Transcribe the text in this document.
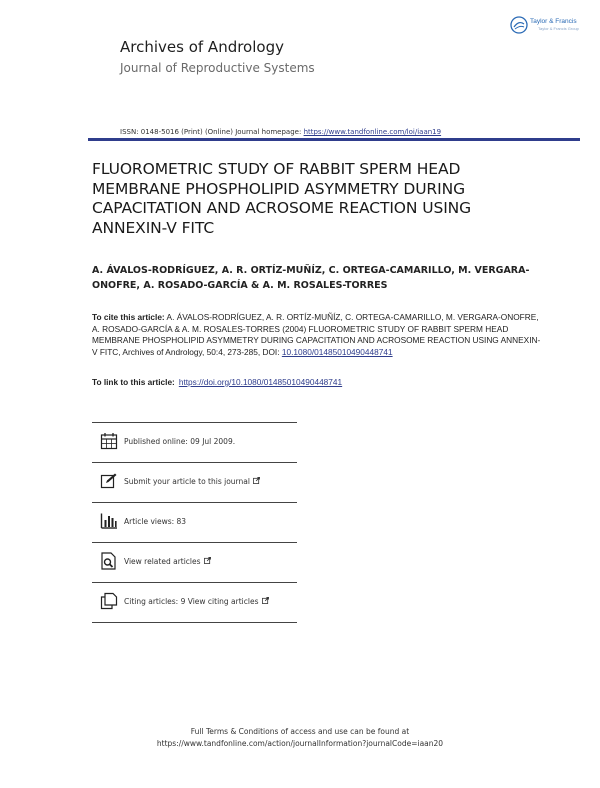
Archives of Andrology
Journal of Reproductive Systems
Taylor & Francis
Taylor & Francis Group
ISSN: 0148-5016 (Print) (Online) Journal homepage: https://www.tandfonline.com/loi/iaan19
FLUOROMETRIC STUDY OF RABBIT SPERM HEAD MEMBRANE PHOSPHOLIPID ASYMMETRY DURING CAPACITATION AND ACROSOME REACTION USING ANNEXIN-V FITC
A. ÁVALOS-RODRÍGUEZ, A. R. ORTÍZ-MUÑÍZ, C. ORTEGA-CAMARILLO, M. VERGARA-ONOFRE, A. ROSADO-GARCÍA & A. M. ROSALES-TORRES
To cite this article: A. ÁVALOS-RODRÍGUEZ, A. R. ORTÍZ-MUÑÍZ, C. ORTEGA-CAMARILLO, M. VERGARA-ONOFRE, A. ROSADO-GARCÍA & A. M. ROSALES-TORRES (2004) FLUOROMETRIC STUDY OF RABBIT SPERM HEAD MEMBRANE PHOSPHOLIPID ASYMMETRY DURING CAPACITATION AND ACROSOME REACTION USING ANNEXIN-V FITC, Archives of Andrology, 50:4, 273-285, DOI: 10.1080/01485010490448741
To link to this article: https://doi.org/10.1080/01485010490448741
Published online: 09 Jul 2009.
Submit your article to this journal
Article views: 83
View related articles
Citing articles: 9 View citing articles
Full Terms & Conditions of access and use can be found at
https://www.tandfonline.com/action/journalInformation?journalCode=iaan20
